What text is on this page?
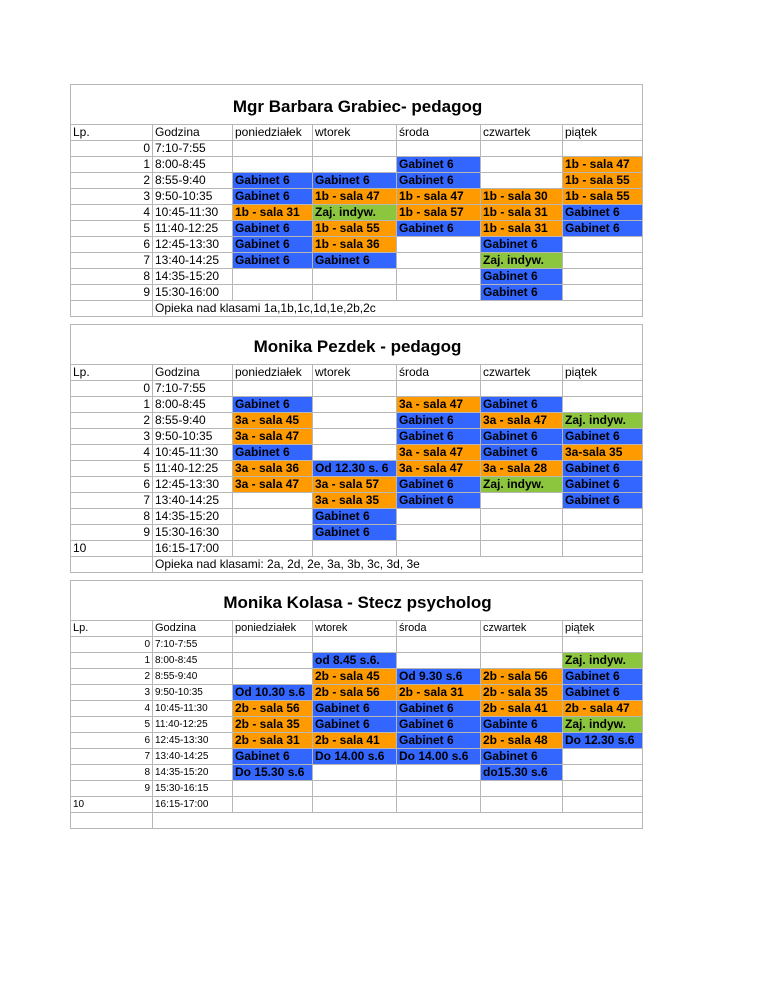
Mgr Barbara Grabiec- pedagog						
Lp.	Godzina	poniedziałek	wtorek	środa	czwartek	piątek

0	7:10-7:55					

1	8:00-8:45			Gabinet 6		1b - sala 47

2	8:55-9:40	Gabinet 6	Gabinet 6	Gabinet 6		1b - sala 55

3	9:50-10:35	Gabinet 6	1b - sala 47	1b - sala 47	1b - sala 30	1b - sala 55

4	10:45-11:30	1b - sala 31	Zaj. indyw.	1b - sala 57	1b - sala 31	Gabinet 6

5	11:40-12:25	Gabinet 6	1b - sala 55	Gabinet 6	1b - sala 31	Gabinet 6

6	12:45-13:30	Gabinet 6	1b - sala 36		Gabinet 6	

7	13:40-14:25	Gabinet 6	Gabinet 6		Zaj. indyw.	

8	14:35-15:20				Gabinet 6	

9	15:30-16:00				Gabinet 6	
	Opieka nad klasami 1a,1b,1c,1d,1e,2b,2c					
Monika Pezdek - pedagog						
Lp.	Godzina	poniedziałek	wtorek	środa	czwartek	piątek

0	7:10-7:55					

1	8:00-8:45	Gabinet 6		3a - sala 47	Gabinet 6	

2	8:55-9:40	3a - sala 45		Gabinet 6	3a - sala 47	Zaj. indyw.

3	9:50-10:35	3a - sala 47		Gabinet 6	Gabinet 6	Gabinet 6

4	10:45-11:30	Gabinet 6		3a - sala 47	Gabinet 6	3a-sala 35

5	11:40-12:25	3a - sala 36	Od 12.30 s. 6	3a - sala 47	3a - sala 28	Gabinet 6

6	12:45-13:30	3a - sala 47	3a - sala 57	Gabinet 6	Zaj. indyw.	Gabinet 6

7	13:40-14:25		3a - sala 35	Gabinet 6		Gabinet 6

8	14:35-15:20		Gabinet 6			

9	15:30-16:30		Gabinet 6			
10	16:15-17:00					
	Opieka nad klasami: 2a, 2d, 2e, 3a, 3b, 3c, 3d, 3e					
Monika Kolasa - Stecz psycholog						
Lp.	Godzina	poniedziałek	wtorek	środa	czwartek	piątek

0	7:10-7:55					

1	8:00-8:45		od 8.45 s.6.			Zaj. indyw.

2	8:55-9:40		2b - sala 45	Od 9.30 s.6	2b - sala 56	Gabinet 6

3	9:50-10:35	Od 10.30 s.6	2b - sala 56	2b - sala 31	2b - sala 35	Gabinet 6

4	10:45-11:30	2b - sala 56	Gabinet 6	Gabinet 6	2b - sala 41	2b - sala 47

5	11:40-12:25	2b - sala 35	Gabinet 6	Gabinet 6	Gabinte 6	Zaj. indyw.

6	12:45-13:30	2b - sala 31	2b - sala 41	Gabinet 6	2b - sala 48	Do 12.30 s.6

7	13:40-14:25	Gabinet 6	Do 14.00 s.6	Do 14.00 s.6	Gabinet 6	

8	14:35-15:20	Do 15.30 s.6			do15.30 s.6	

9	15:30-16:15					
10	16:15-17:00					
